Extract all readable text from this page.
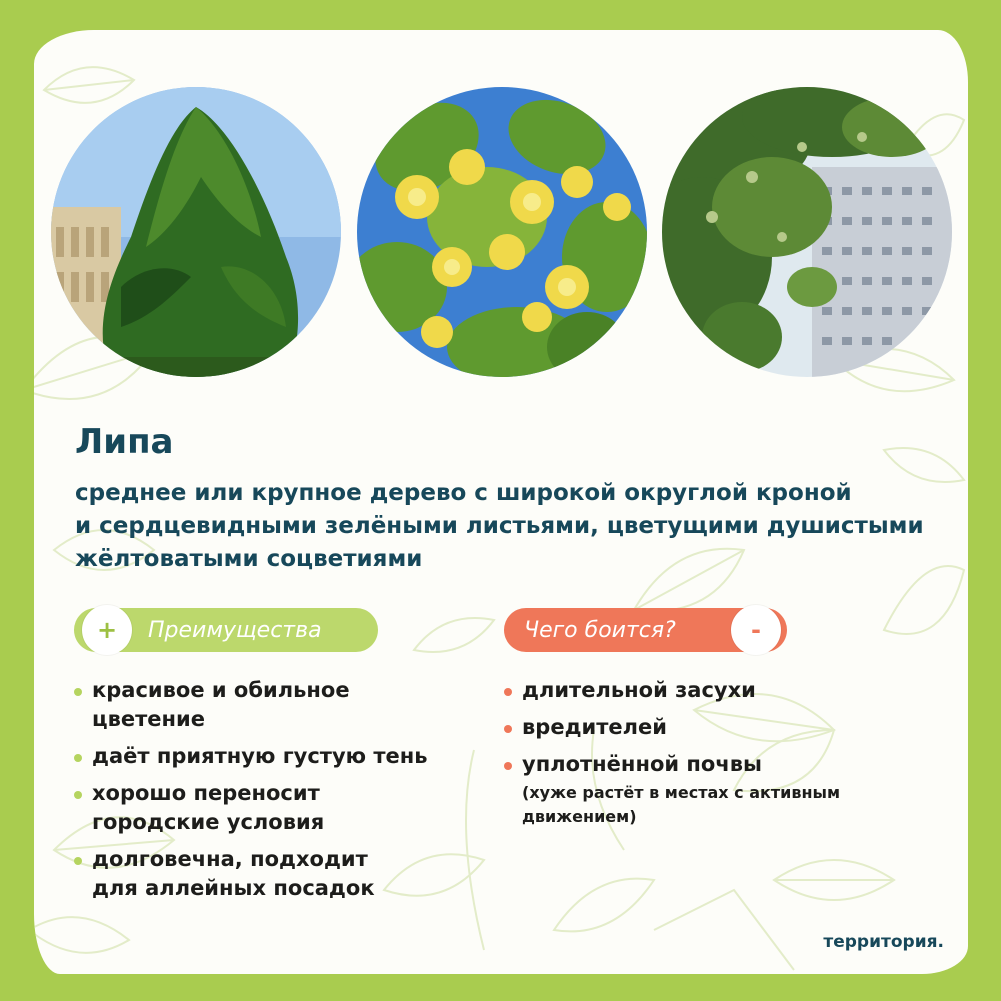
Липа

среднее или крупное дерево с широкой округлой кроной
и сердцевидными зелёными листьями, цветущими душистыми
жёлтоватыми соцветиями

+	Преимущества	Чего боится?	-
красивое и обильное
цветение
даёт приятную густую тень
хорошо переносит
городские условия
долговечна, подходит
для аллейных посадок
длительной засухи
вредителей
уплотнённой почвы
(хуже растёт в местах с активным
движением)
территория.
